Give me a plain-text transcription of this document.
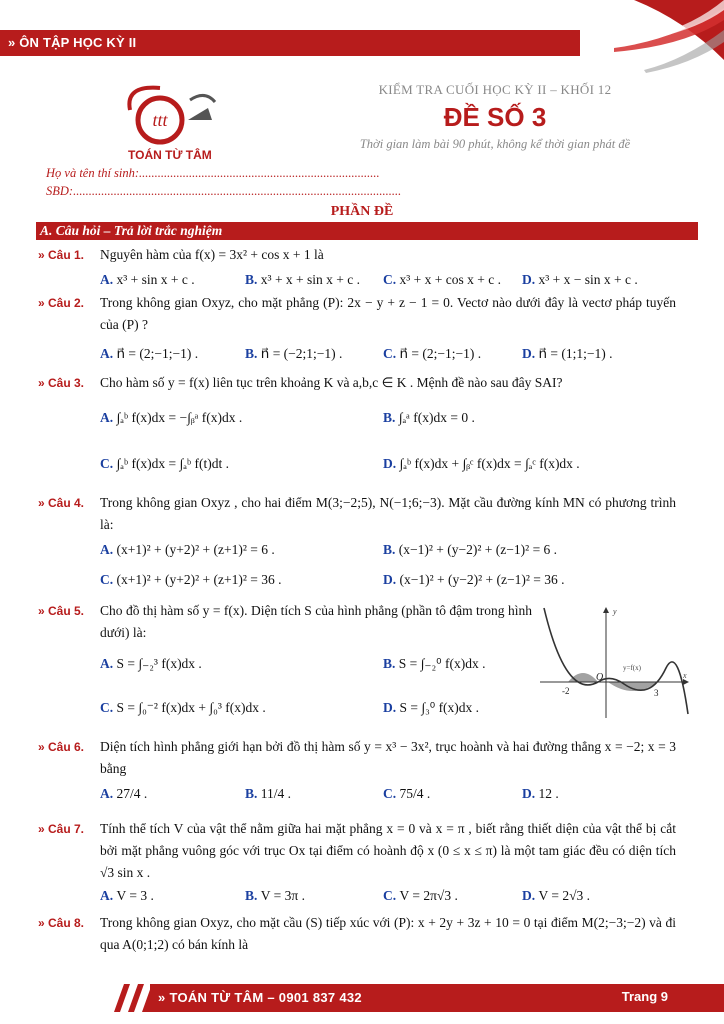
» ÔN TẬP HỌC KỲ II
ttt
TOÁN TỪ TÂM
KIỂM TRA CUỐI HỌC KỲ II – KHỐI 12
ĐỀ SỐ 3
Thời gian làm bài 90 phút, không kể thời gian phát đề
Họ và tên thí sinh:.............................................................................
SBD:.........................................................................................................
PHẦN ĐỀ
A. Câu hỏi – Trả lời trắc nghiệm
» Câu 1. Nguyên hàm của f(x) = 3x² + cos x + 1 là
A. x³ + sin x + c .	B. x³ + x + sin x + c . C. x³ + x + cos x + c . D. x³ + x − sin x + c .
» Câu 2. Trong không gian Oxyz, cho mặt phẳng (P): 2x − y + z − 1 = 0. Vectơ nào dưới đây là vectơ pháp tuyến của (P) ?
A. n⃗ = (2;−1;−1) .	B. n⃗ = (−2;1;−1) .	C. n⃗ = (2;−1;−1) .	D. n⃗ = (1;1;−1) .
» Câu 3. Cho hàm số y = f(x) liên tục trên khoảng K và a,b,c ∈ K . Mệnh đề nào sau đây SAI?
A. ∫ₐᵇ f(x)dx = −∫ᵦᵃ f(x)dx .	B. ∫ₐᵃ f(x)dx = 0 .
C. ∫ₐᵇ f(x)dx = ∫ₐᵇ f(t)dt .	D. ∫ₐᵇ f(x)dx + ∫ᵦᶜ f(x)dx = ∫ₐᶜ f(x)dx .
» Câu 4. Trong không gian Oxyz , cho hai điểm M(3;−2;5), N(−1;6;−3). Mặt cầu đường kính MN có phương trình là:
A. (x+1)² + (y+2)² + (z+1)² = 6 .	B. (x−1)² + (y−2)² + (z−1)² = 6 .
C. (x+1)² + (y+2)² + (z+1)² = 36 .	D. (x−1)² + (y−2)² + (z−1)² = 36 .
» Câu 5. Cho đồ thị hàm số y = f(x). Diện tích S của hình phẳng (phần tô đậm trong hình dưới) là:
A. S = ∫₋₂³ f(x)dx .	B. S = ∫₋₂⁰ f(x)dx .
C. S = ∫₀⁻² f(x)dx + ∫₀³ f(x)dx .	D. S = ∫₃⁰ f(x)dx .
y
x
y=f(x)
-2
O
3
» Câu 6. Diện tích hình phẳng giới hạn bởi đồ thị hàm số y = x³ − 3x², trục hoành và hai đường thẳng x = −2; x = 3 bằng
A. 27/4 .	B. 11/4 .	C. 75/4 .	D. 12 .
» Câu 7. Tính thể tích V của vật thể nằm giữa hai mặt phẳng x = 0 và x = π , biết rằng thiết diện của vật thể bị cắt bởi mặt phẳng vuông góc với trục Ox tại điểm có hoành độ x (0 ≤ x ≤ π) là một tam giác đều có diện tích √3 sin x .
A. V = 3 .	B. V = 3π .	C. V = 2π√3 .	D. V = 2√3 .
» Câu 8. Trong không gian Oxyz, cho mặt cầu (S) tiếp xúc với (P): x + 2y + 3z + 10 = 0 tại điểm M(2;−3;−2) và đi qua A(0;1;2) có bán kính là
» TOÁN TỪ TÂM – 0901 837 432	Trang 9
